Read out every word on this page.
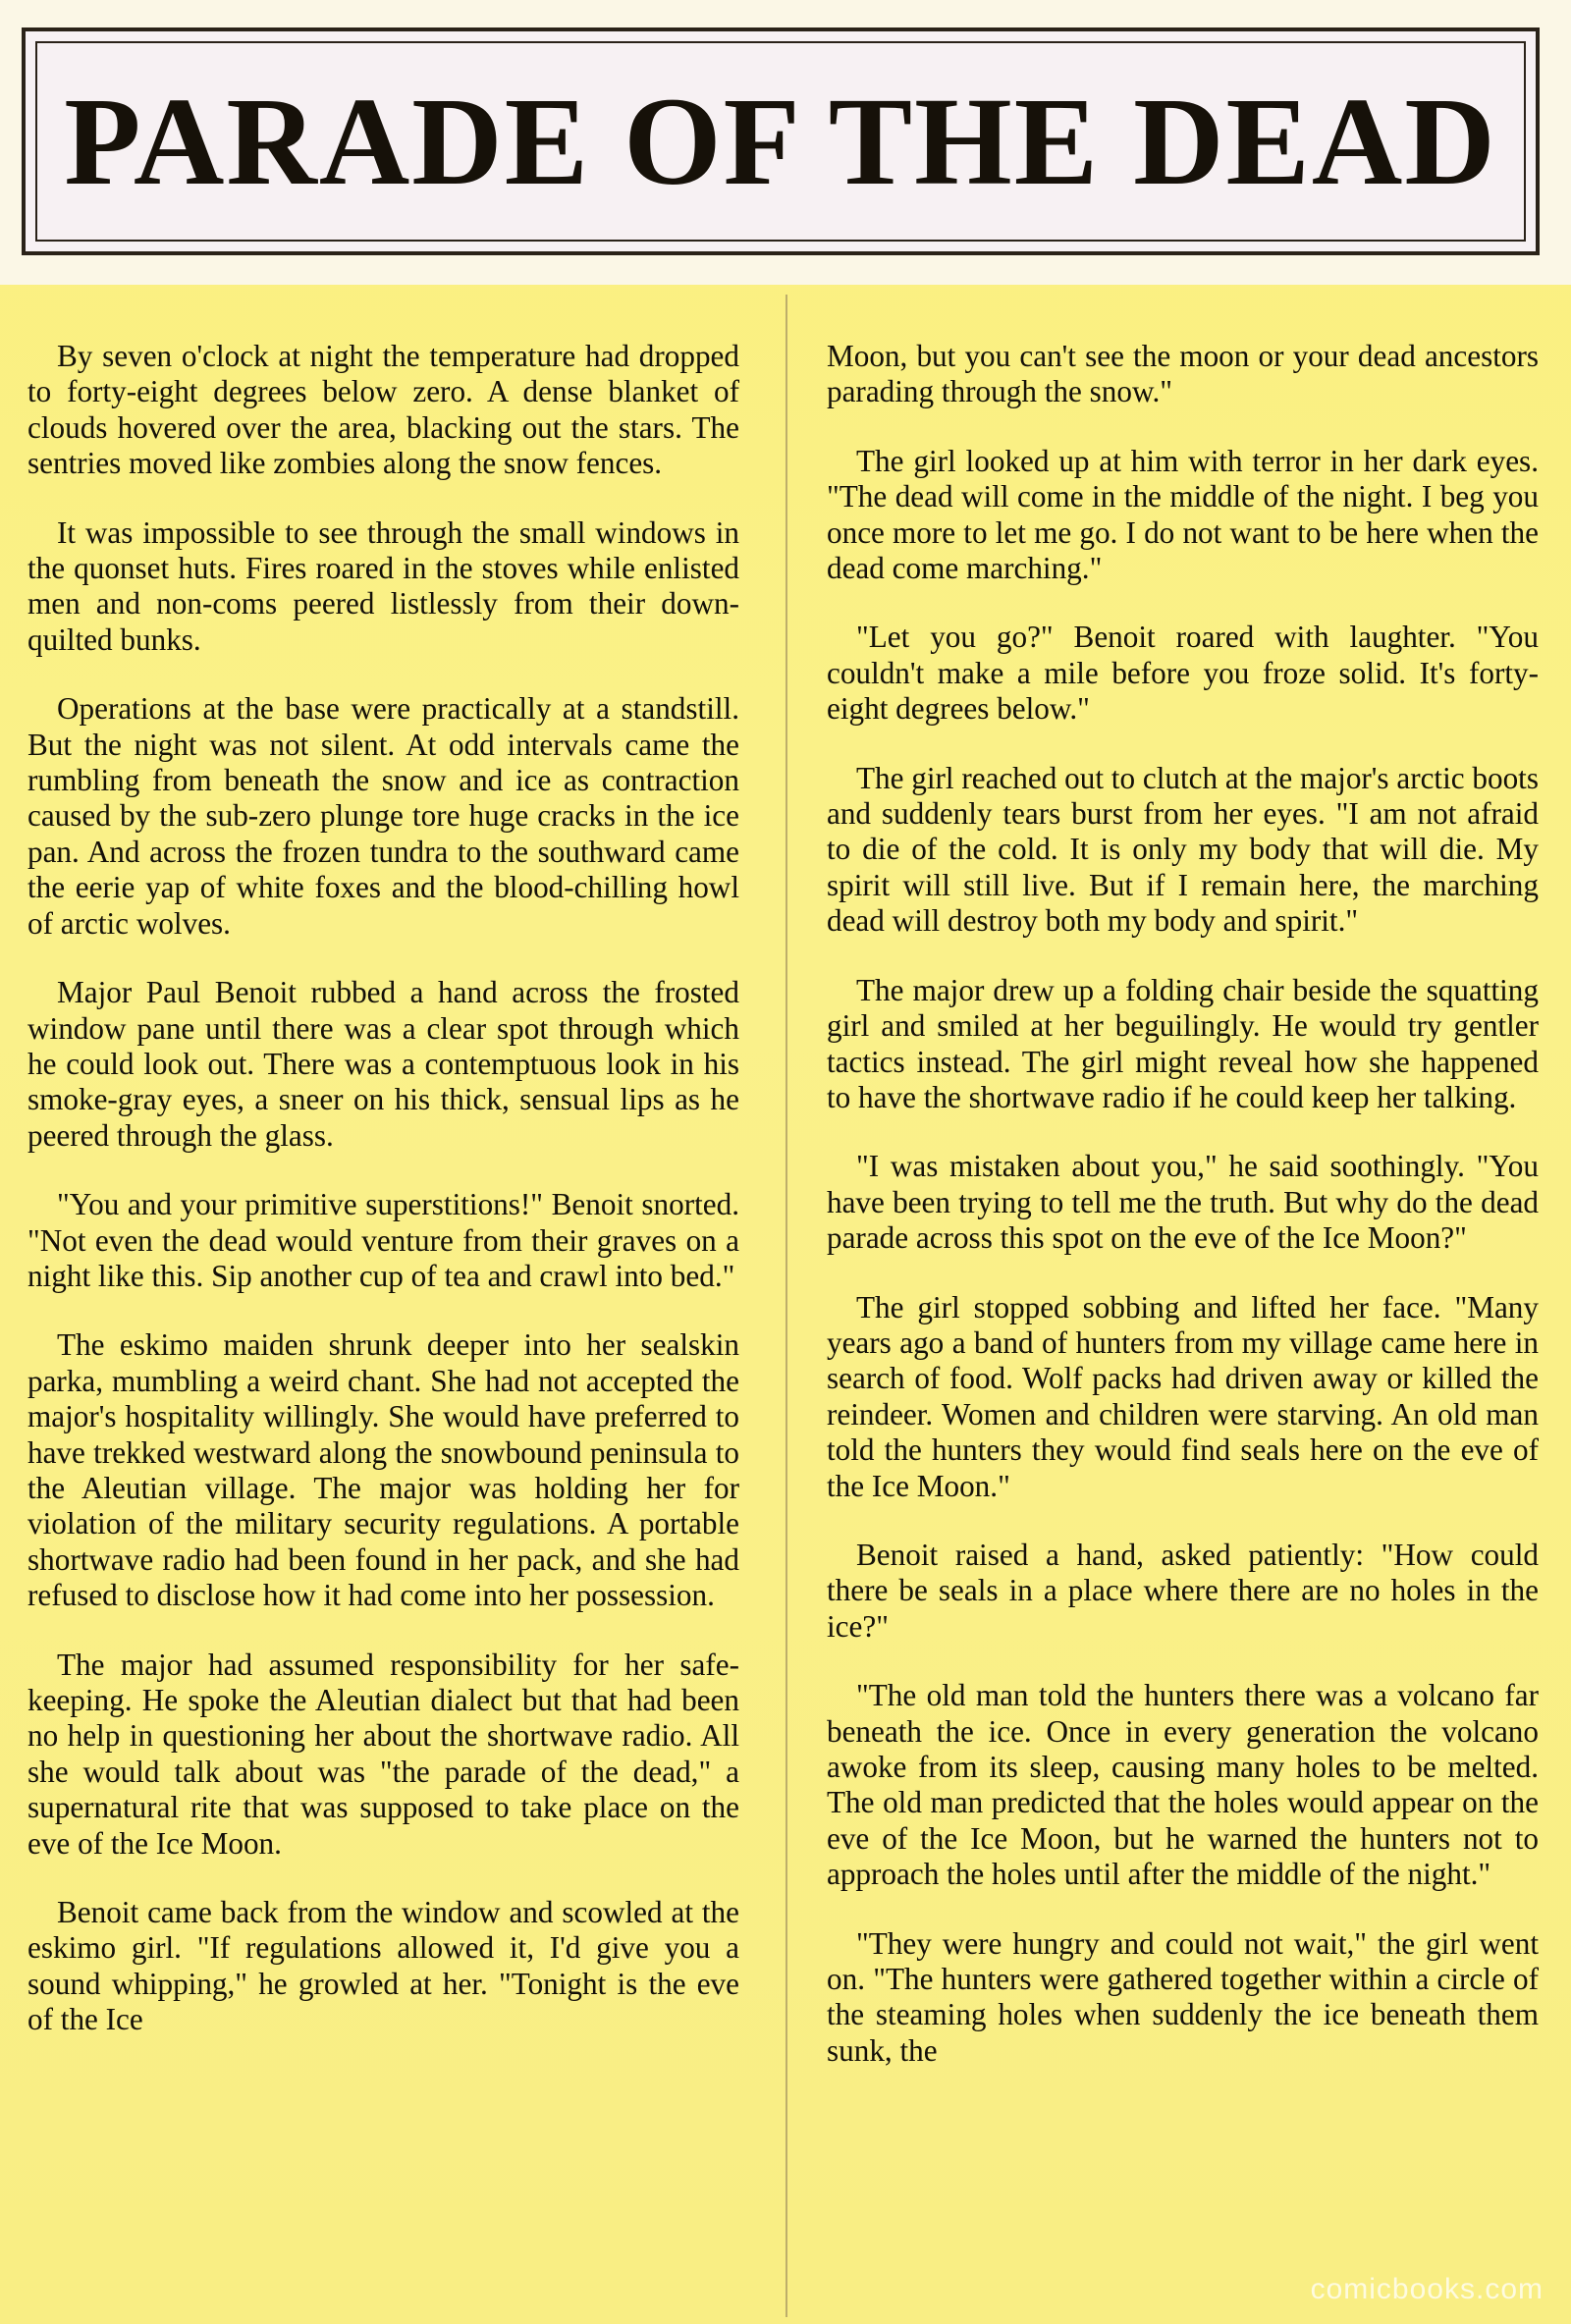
PARADE OF THE DEAD

By seven o'clock at night the temperature had dropped to forty-eight degrees below zero. A dense blanket of clouds hovered over the area, blacking out the stars. The sentries moved like zombies along the snow fences.

It was impossible to see through the small windows in the quonset huts. Fires roared in the stoves while enlisted men and non-coms peered listlessly from their down-quilted bunks.

Operations at the base were practically at a standstill. But the night was not silent. At odd intervals came the rumbling from beneath the snow and ice as contraction caused by the sub-zero plunge tore huge cracks in the ice pan. And across the frozen tundra to the southward came the eerie yap of white foxes and the blood-chilling howl of arctic wolves.

Major Paul Benoit rubbed a hand across the frosted window pane until there was a clear spot through which he could look out. There was a contemptuous look in his smoke-gray eyes, a sneer on his thick, sensual lips as he peered through the glass.

"You and your primitive superstitions!" Benoit snorted. "Not even the dead would venture from their graves on a night like this. Sip another cup of tea and crawl into bed."

The eskimo maiden shrunk deeper into her sealskin parka, mumbling a weird chant. She had not accepted the major's hospitality willingly. She would have preferred to have trekked westward along the snowbound peninsula to the Aleutian village. The major was holding her for violation of the military security regulations. A portable shortwave radio had been found in her pack, and she had refused to disclose how it had come into her possession.

The major had assumed responsibility for her safe-keeping. He spoke the Aleutian dialect but that had been no help in questioning her about the shortwave radio. All she would talk about was "the parade of the dead," a supernatural rite that was supposed to take place on the eve of the Ice Moon.

Benoit came back from the window and scowled at the eskimo girl. "If regulations allowed it, I'd give you a sound whipping," he growled at her. "Tonight is the eve of the Ice

Moon, but you can't see the moon or your dead ancestors parading through the snow."

The girl looked up at him with terror in her dark eyes. "The dead will come in the middle of the night. I beg you once more to let me go. I do not want to be here when the dead come marching."

"Let you go?" Benoit roared with laughter. "You couldn't make a mile before you froze solid. It's forty-eight degrees below."

The girl reached out to clutch at the major's arctic boots and suddenly tears burst from her eyes. "I am not afraid to die of the cold. It is only my body that will die. My spirit will still live. But if I remain here, the marching dead will destroy both my body and spirit."

The major drew up a folding chair beside the squatting girl and smiled at her beguilingly. He would try gentler tactics instead. The girl might reveal how she happened to have the shortwave radio if he could keep her talking.

"I was mistaken about you," he said soothingly. "You have been trying to tell me the truth. But why do the dead parade across this spot on the eve of the Ice Moon?"

The girl stopped sobbing and lifted her face. "Many years ago a band of hunters from my village came here in search of food. Wolf packs had driven away or killed the reindeer. Women and children were starving. An old man told the hunters they would find seals here on the eve of the Ice Moon."

Benoit raised a hand, asked patiently: "How could there be seals in a place where there are no holes in the ice?"

"The old man told the hunters there was a volcano far beneath the ice. Once in every generation the volcano awoke from its sleep, causing many holes to be melted. The old man predicted that the holes would appear on the eve of the Ice Moon, but he warned the hunters not to approach the holes until after the middle of the night."

"They were hungry and could not wait," the girl went on. "The hunters were gathered together within a circle of the steaming holes when suddenly the ice beneath them sunk, the

comicbooks.com
